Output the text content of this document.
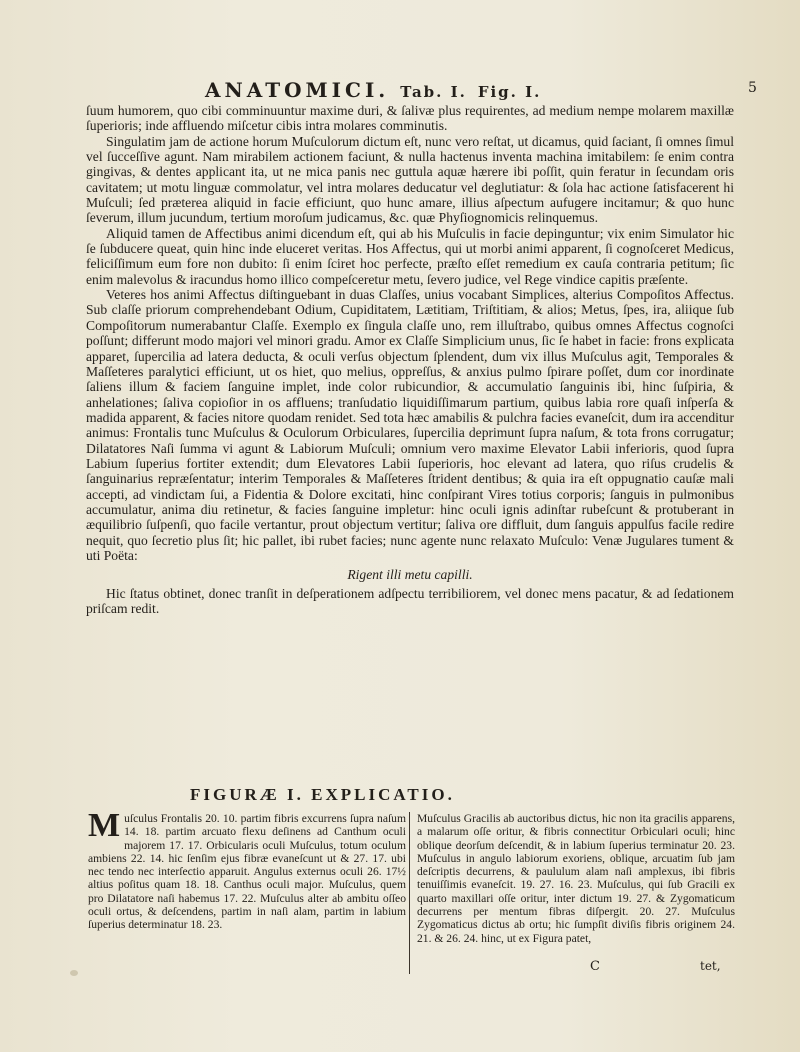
ANATOMICI. Tab. I. Fig. I.	5

ſuum humorem, quo cibi comminuuntur maxime duri, & ſalivæ plus requirentes, ad medium nempe molarem maxillæ ſuperioris; inde affluendo miſcetur cibis intra molares comminutis.

Singulatim jam de actione horum Muſculorum dictum eſt, nunc vero reſtat, ut dicamus, quid ſaciant, ſi omnes ſimul vel ſucceſſive agunt. Nam mirabilem actionem faciunt, & nulla hactenus inventa machina imitabilem: ſe enim contra gingivas, & dentes applicant ita, ut ne mica panis nec guttula aquæ hærere ibi poſſit, quin feratur in ſecundam oris cavitatem; ut motu linguæ commolatur, vel intra molares deducatur vel deglutiatur: & ſola hac actione ſatisfacerent hi Muſculi; ſed præterea aliquid in facie efficiunt, quo hunc amare, illius aſpectum aufugere incitamur; & quo hunc ſeverum, illum jucundum, tertium moroſum judicamus, &c. quæ Phyſiognomicis relinquemus.

Aliquid tamen de Affectibus animi dicendum eſt, qui ab his Muſculis in facie depinguntur; vix enim Simulator hic ſe ſubducere queat, quin hinc inde eluceret veritas. Hos Affectus, qui ut morbi animi apparent, ſi cognoſceret Medicus, feliciſſimum eum fore non dubito: ſi enim ſciret hoc perfecte, præſto eſſet remedium ex cauſa contraria petitum; ſic enim malevolus & iracundus homo illico compeſceretur metu, ſevero judice, vel Rege vindice capitis præſente.

Veteres hos animi Affectus diſtinguebant in duas Claſſes, unius vocabant Simplices, alterius Compoſitos Affectus. Sub claſſe priorum comprehendebant Odium, Cupiditatem, Lætitiam, Triſtitiam, & alios; Metus, ſpes, ira, aliique ſub Compoſitorum numerabantur Claſſe. Exemplo ex ſingula claſſe uno, rem illuſtrabo, quibus omnes Affectus cognoſci poſſunt; differunt modo majori vel minori gradu. Amor ex Claſſe Simplicium unus, ſic ſe habet in facie: frons explicata apparet, ſupercilia ad latera deducta, & oculi verſus objectum ſplendent, dum vix illus Muſculus agit, Temporales & Maſſeteres paralytici efficiunt, ut os hiet, quo melius, oppreſſus, & anxius pulmo ſpirare poſſet, dum cor inordinate ſaliens illum & faciem ſanguine implet, inde color rubicundior, & accumulatio ſanguinis ibi, hinc ſuſpiria, & anhelationes; ſaliva copioſior in os affluens; tranſudatio liquidiſſimarum partium, quibus labia rore quaſi inſperſa & madida apparent, & facies nitore quodam renidet. Sed tota hæc amabilis & pulchra facies evaneſcit, dum ira accenditur animus: Frontalis tunc Muſculus & Oculorum Orbiculares, ſupercilia deprimunt ſupra naſum, & tota frons corrugatur; Dilatatores Naſi ſumma vi agunt & Labiorum Muſculi; omnium vero maxime Elevator Labii inferioris, quod ſupra Labium ſuperius fortiter extendit; dum Elevatores Labii ſuperioris, hoc elevant ad latera, quo riſus crudelis & ſanguinarius repræſentatur; interim Temporales & Maſſeteres ſtrident dentibus; & quia ira eſt oppugnatio cauſæ mali accepti, ad vindictam ſui, a Fidentia & Dolore excitati, hinc conſpirant Vires totius corporis; ſanguis in pulmonibus accumulatur, anima diu retinetur, & facies ſanguine impletur: hinc oculi ignis adinſtar rubeſcunt & protuberant in æquilibrio ſuſpenſi, quo facile vertantur, prout objectum vertitur; ſaliva ore diffluit, dum ſanguis appulſus facile redire nequit, quo ſecretio plus ſit; hic pallet, ibi rubet facies; nunc agente nunc relaxato Muſculo: Venæ Jugulares tument & uti Poëta:

Rigent illi metu capilli.

Hic ſtatus obtinet, donec tranſit in deſperationem adſpectu terribiliorem, vel donec mens pacatur, & ad ſedationem priſcam redit.

FIGURÆ I. EXPLICATIO.
Muſculus Frontalis 20. 10. partim fibris excurrens ſupra naſum 14. 18. partim arcuato flexu deſinens ad Canthum oculi majorem 17. 17. Orbicularis oculi Muſculus, totum oculum ambiens 22. 14. hic ſenſim ejus fibræ evaneſcunt ut & 27. 17. ubi nec tendo nec interſectio apparuit. Angulus externus oculi 26. 17½ altius poſitus quam 18. 18. Canthus oculi major. Muſculus, quem pro Dilatatore naſi habemus 17. 22. Muſculus alter ab ambitu oſſeo oculi ortus, & deſcendens, partim in naſi alam, partim in labium ſuperius determinatur 18. 23.
Muſculus Gracilis ab auctoribus dictus, hic non ita gracilis apparens, a malarum oſſe oritur, & fibris connectitur Orbiculari oculi; hinc oblique deorſum deſcendit, & in labium ſuperius terminatur 20. 23. Muſculus in angulo labiorum exoriens, oblique, arcuatim ſub jam deſcriptis decurrens, & paululum alam naſi amplexus, ibi fibris tenuiſſimis evaneſcit. 19. 27. 16. 23. Muſculus, qui ſub Gracili ex quarto maxillari oſſe oritur, inter dictum 19. 27. & Zygomaticum decurrens per mentum fibras diſpergit. 20. 27. Muſculus Zygomaticus dictus ab ortu; hic ſumpſit diviſis fibris originem 24. 21. & 26. 24. hinc, ut ex Figura patet,
C	tet,
